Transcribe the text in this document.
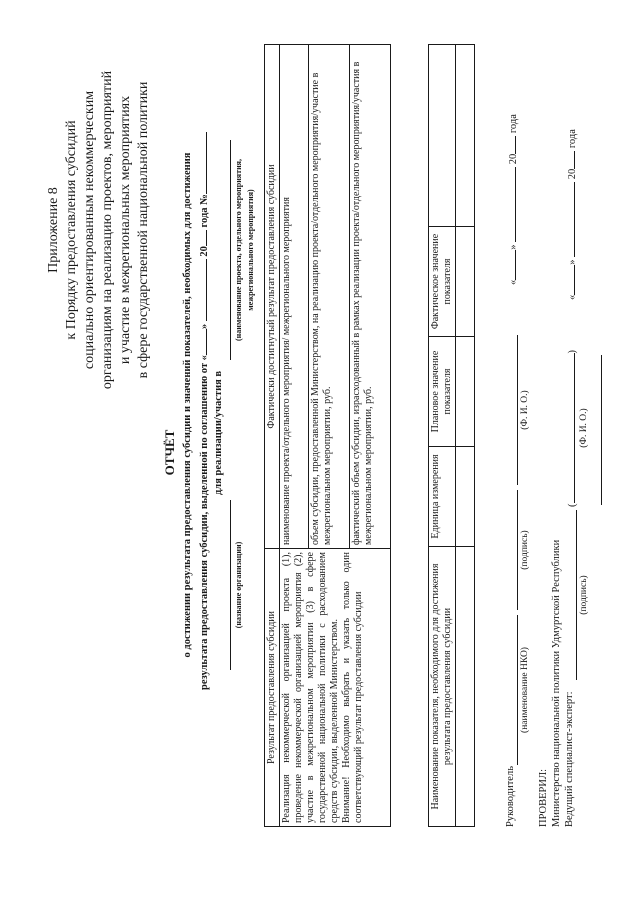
Приложение 8 к Порядку предоставления субсидий социально ориентированным некоммерческим организациям на реализацию проектов, мероприятий и участие в межрегиональных мероприятиях в сфере государственной национальной политики
ОТЧЁТ о достижении результата предоставления субсидии и значений показателей, необходимых для достижения результата предоставления субсидии, выделенной по соглашению от «»  20 года №
для реализации/участия в
(название организации)
(наименование проекта, отдельного мероприятия, межрегионального мероприятия)
Результат предоставления субсидии	Фактически достигнутый результат предоставления субсидии

Реализация некоммерческой организацией проекта (1), проведение некоммерческой организацией мероприятия (2), участие в межрегиональном мероприятии (3) в сфере государственной национальной политики с расходованием средств субсидии, выделенной Министерством. Внимание! Необходимо выбрать и указать только один соответствующий результат предоставления субсидии	наименование проекта/отдельного мероприятия/ межрегионального мероприятия
	объем субсидии, предоставленной Министерством, на реализацию проекта/отдельного мероприятия/участие в межрегиональном мероприятии, руб.
	фактический объем субсидии, израсходованный в рамках реализации проекта/отдельного мероприятия/участия в межрегиональном мероприятии, руб.
Наименование показателя, необходимого для достижения результата предоставления субсидии	Единица измерения	Плановое значение показателя	Фактическое значение показателя	

Руководитель
«»  20 года
(наименование НКО)
(подпись)
(Ф. И. О.)
ПРОВЕРИЛ: Министерство национальной политики Удмуртской Республики Ведущий специалист-эксперт:
()
«»  20 года
(подпись)
(Ф. И. О.)
